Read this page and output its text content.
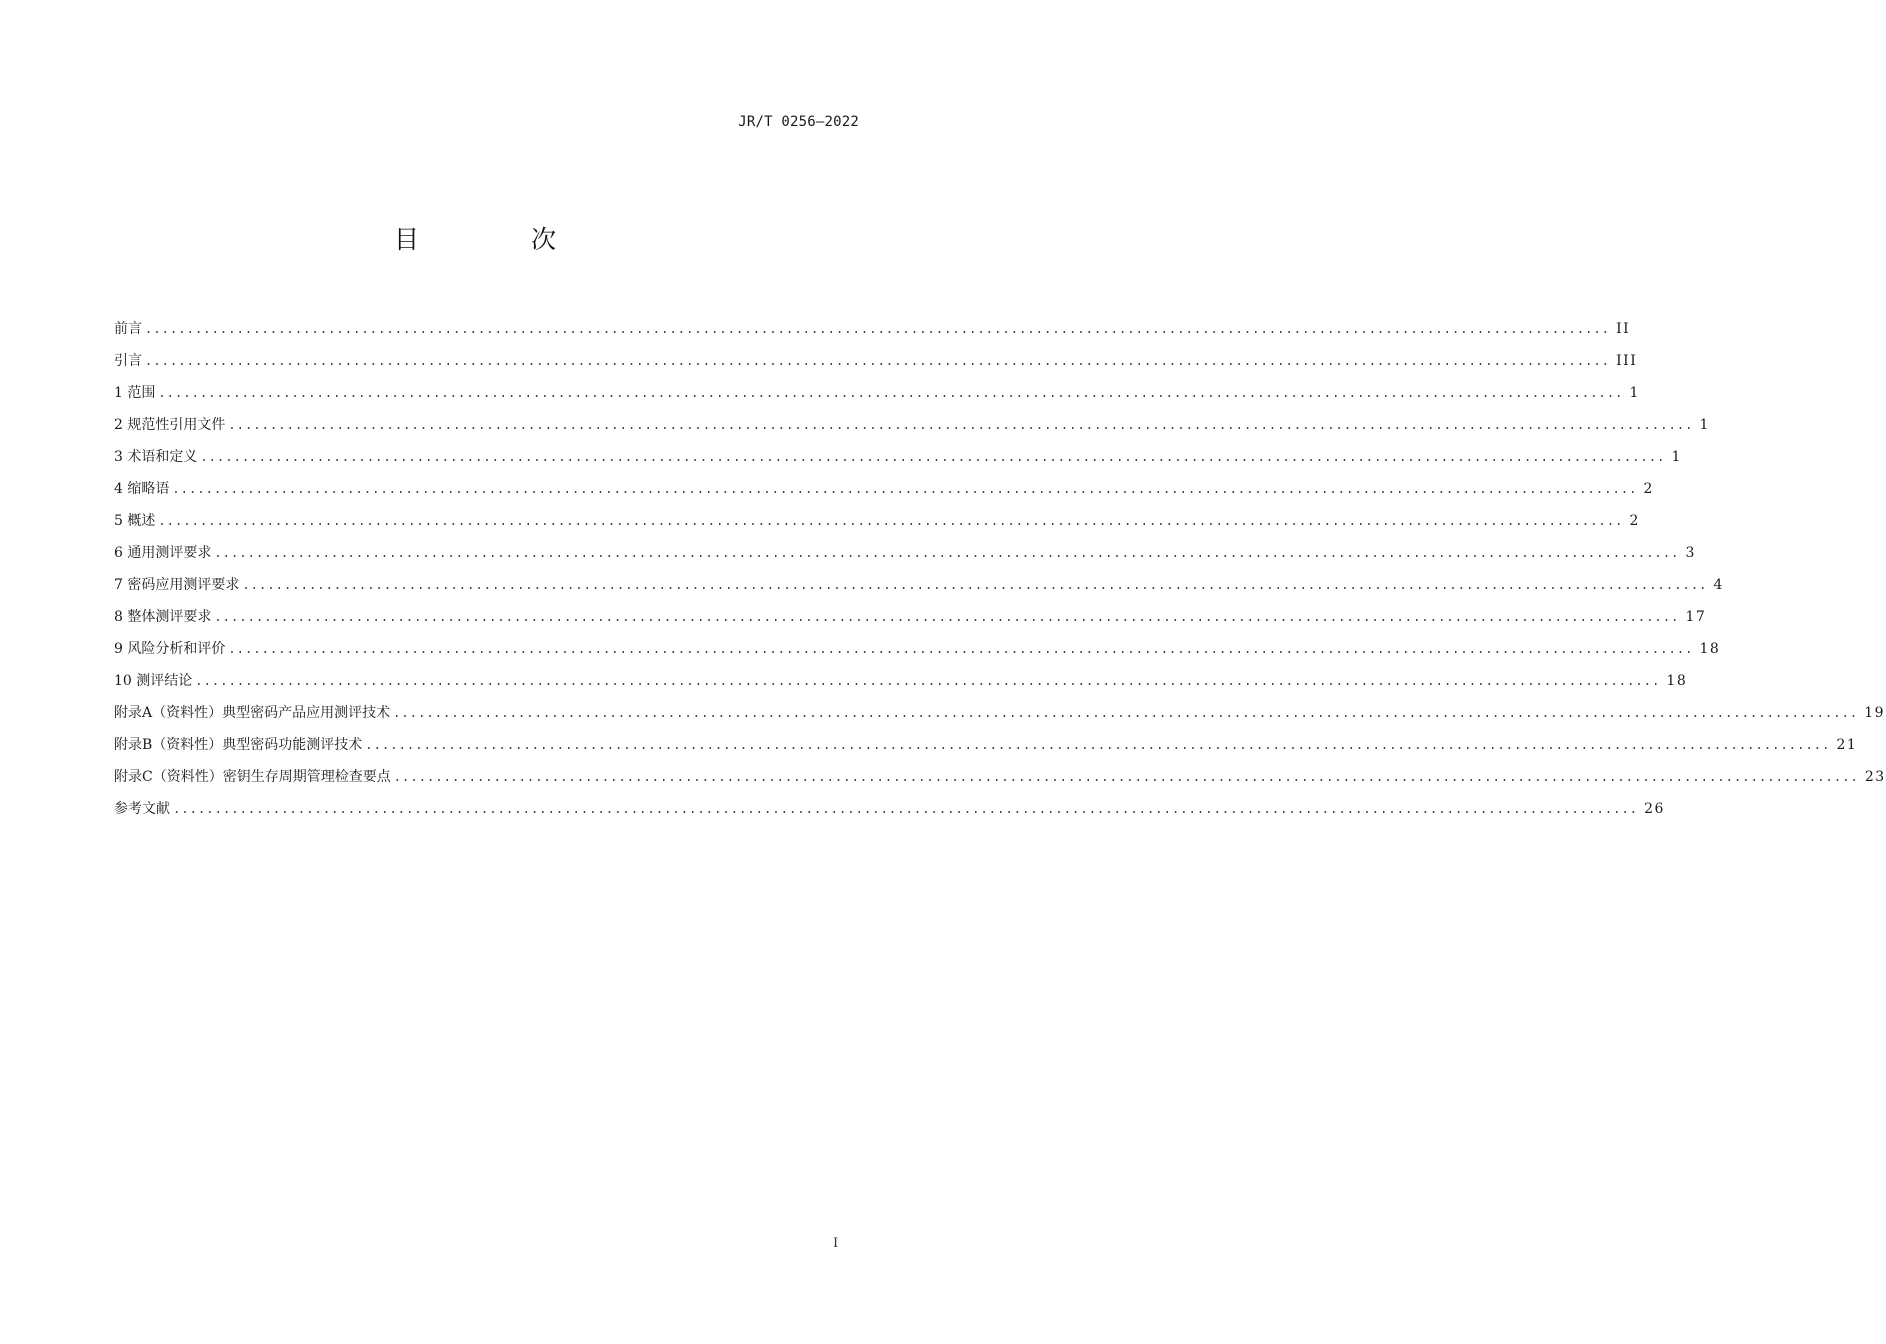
JR/T 0256—2022
目 次
前言 ................................................................................................................................................................................ II
引言 ................................................................................................................................................................................ III
1 范围 ................................................................................................................................................................................ 1
2 规范性引用文件 ................................................................................................................................................................................ 1
3 术语和定义 ................................................................................................................................................................................ 1
4 缩略语 ................................................................................................................................................................................ 2
5 概述 ................................................................................................................................................................................ 2
6 通用测评要求 ................................................................................................................................................................................ 3
7 密码应用测评要求 ................................................................................................................................................................................ 4
8 整体测评要求 ................................................................................................................................................................................ 17
9 风险分析和评价 ................................................................................................................................................................................ 18
10 测评结论 ................................................................................................................................................................................ 18
附录A（资料性）典型密码产品应用测评技术 ................................................................................................................................................................................ 19
附录B（资料性）典型密码功能测评技术 ................................................................................................................................................................................ 21
附录C（资料性）密钥生存周期管理检查要点 ................................................................................................................................................................................ 23
参考文献 ................................................................................................................................................................................ 26
I
